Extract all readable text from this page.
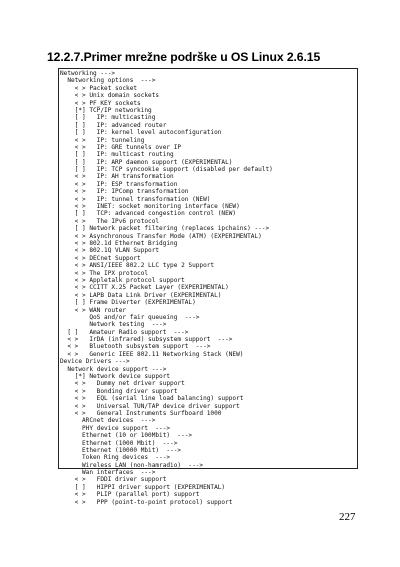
12.2.7.Primer mrežne podrške u OS Linux 2.6.15
Networking --->
Networking options  --->
< > Packet socket
< > Unix domain sockets
< > PF_KEY sockets
[*] TCP/IP networking
[ ]   IP: multicasting
[ ]   IP: advanced router
[ ]   IP: kernel level autoconfiguration
< >   IP: tunneling
< >   IP: GRE tunnels over IP
[ ]   IP: multicast routing
[ ]   IP: ARP daemon support (EXPERIMENTAL)
[ ]   IP: TCP syncookie support (disabled per default)
< >   IP: AH transformation
< >   IP: ESP transformation
< >   IP: IPComp transformation
< >   IP: tunnel transformation (NEW)
< >   INET: socket monitoring interface (NEW)
[ ]   TCP: advanced congestion control (NEW)
< >   The IPv6 protocol
[ ] Network packet filtering (replaces ipchains) --->
< > Asynchronous Transfer Mode (ATM) (EXPERIMENTAL)
< > 802.1d Ethernet Bridging
< > 802.1Q VLAN Support
< > DECnet Support
< > ANSI/IEEE 802.2 LLC type 2 Support
< > The IPX protocol
< > Appletalk protocol support
< > CCITT X.25 Packet Layer (EXPERIMENTAL)
< > LAPB Data Link Driver (EXPERIMENTAL)
[ ] Frame Diverter (EXPERIMENTAL)
< > WAN router
QoS and/or fair queueing  --->
Network testing  --->
[ ]   Amateur Radio support  --->
< >   IrDA (infrared) subsystem support  --->
< >   Bluetooth subsystem support  --->
< >   Generic IEEE 802.11 Networking Stack (NEW)
Device Drivers --->
Network device support --->
[*] Network device support
< >   Dummy net driver support
< >   Bonding driver support
< >   EQL (serial line load balancing) support
< >   Universal TUN/TAP device driver support
< >   General Instruments Surfboard 1000
ARCnet devices  --->
PHY device support  --->
Ethernet (10 or 100Mbit)  --->
Ethernet (1000 Mbit)  --->
Ethernet (10000 Mbit)  --->
Token Ring devices  --->
Wireless LAN (non-hamradio)  --->
Wan interfaces  --->
< >   FDDI driver support
[ ]   HIPPI driver support (EXPERIMENTAL)
< >   PLIP (parallel port) support
< >   PPP (point-to-point protocol) support

227
